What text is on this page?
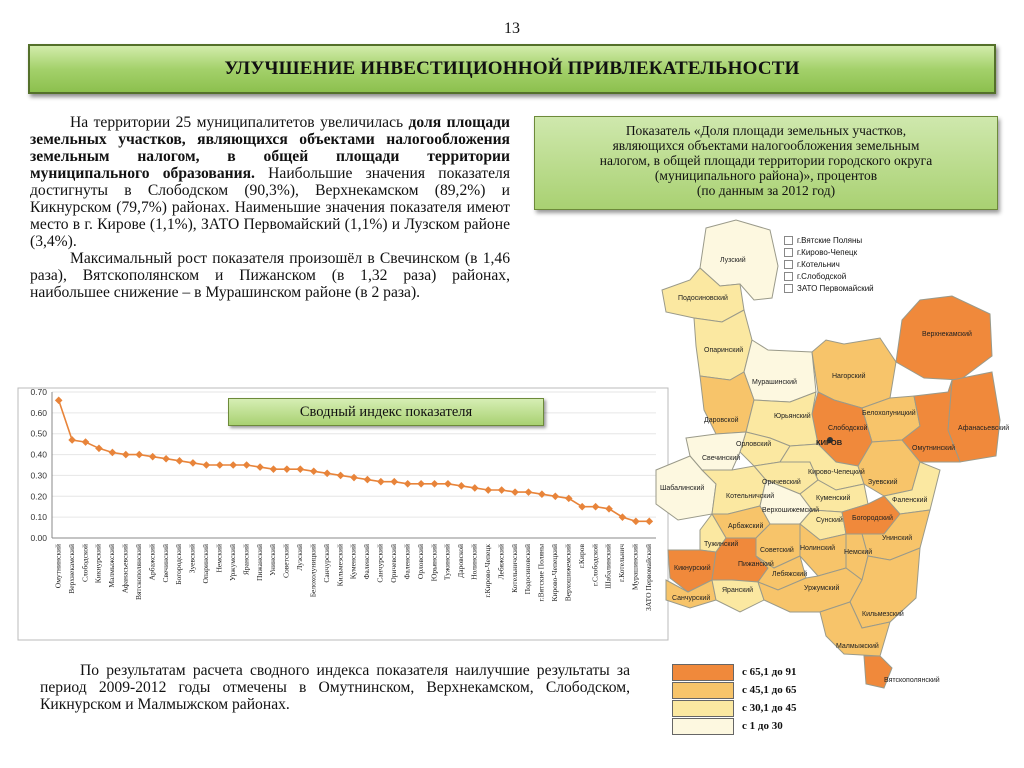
13
УЛУЧШЕНИЕ ИНВЕСТИЦИОННОЙ ПРИВЛЕКАТЕЛЬНОСТИ

На территории 25 муниципалитетов увеличилась доля площади земельных участков, являющихся объектами налогообложения земельным налогом, в общей площади территории муниципального образования. Наибольшие значения показателя достигнуты в Слободском (90,3%), Верхнекамском (89,2%) и Кикнурском (79,7%) районах. Наименьшие значения показателя имеют место в г. Кирове (1,1%), ЗАТО Первомайский (1,1%) и Лузском районе (3,4%).

Максимальный рост показателя произошёл в Свечинском (в 1,46 раза), Вятскополянском и Пижанском (в 1,32 раза) районах, наибольшее снижение – в Мурашинском районе (в 2 раза).

Показатель «Доля площади земельных участков,
являющихся объектами налогообложения земельным
налогом, в общей площади территории городского округа
(муниципального района)», процентов
(по данным за 2012 год)
0.00
0.10
0.20
0.30
0.40
0.50
0.60
0.70
Омутнинский Верхнекамский Слободской Кикнурский Малмыжский Афанасьевский Вятскополянский Арбажский Свечинский Богородский Зуевский Опаринский Немский Уржумский Яранский Пижанский Унинский Советский Лузский Белохолуницкий Санчурский Кильмезский Куменский Фаленский Санчурский Оричевский Фаленский Орловский Юрьянский Тужинский Даровской Нолинский г.Кирово-Чепецк Лебяжский Котельничский Подосиновский г.Вятские Поляны Кирово-Чепецкий Верхошижемский г.Киров г.Слободской Шабалинский г.Котельнич Мурашинский ЗАТО Первомайский
Сводный индекс показателя
КИРОВ
Лузский
Подосиновский
Опаринский
Мурашинский
Нагорский
Верхнекамский
Афанасьевский
Даровской
Юрьянский
Слободской
Белохолуницкий
Омутнинский
Орловский
Свечинский
Кирово-Чепецкий
Шабалинский
Оричевский	Зуевский
Котельничский	Куменский	Фаленский
Верхошижемский
Богородский
Сунский
Арбажский
Тужинский
Советский Нолинский
Немский
Унинский
Кикнурский
Пижанский
Лебяжский
Санчурский
Яранский	Уржумский
Кильмезский
Малмыжский
Вятскополянский
г.Вятские Поляны
г.Кирово-Чепецк
г.Котельнич
г.Слободской
ЗАТО Первомайский
с 65,1 до 91
с 45,1 до 65
с 30,1 до 45
с 1 до 30

По результатам расчета сводного индекса показателя наилучшие результаты за период 2009-2012 годы отмечены в Омутнинском, Верхнекамском, Слободском, Кикнурском и Малмыжском районах.
